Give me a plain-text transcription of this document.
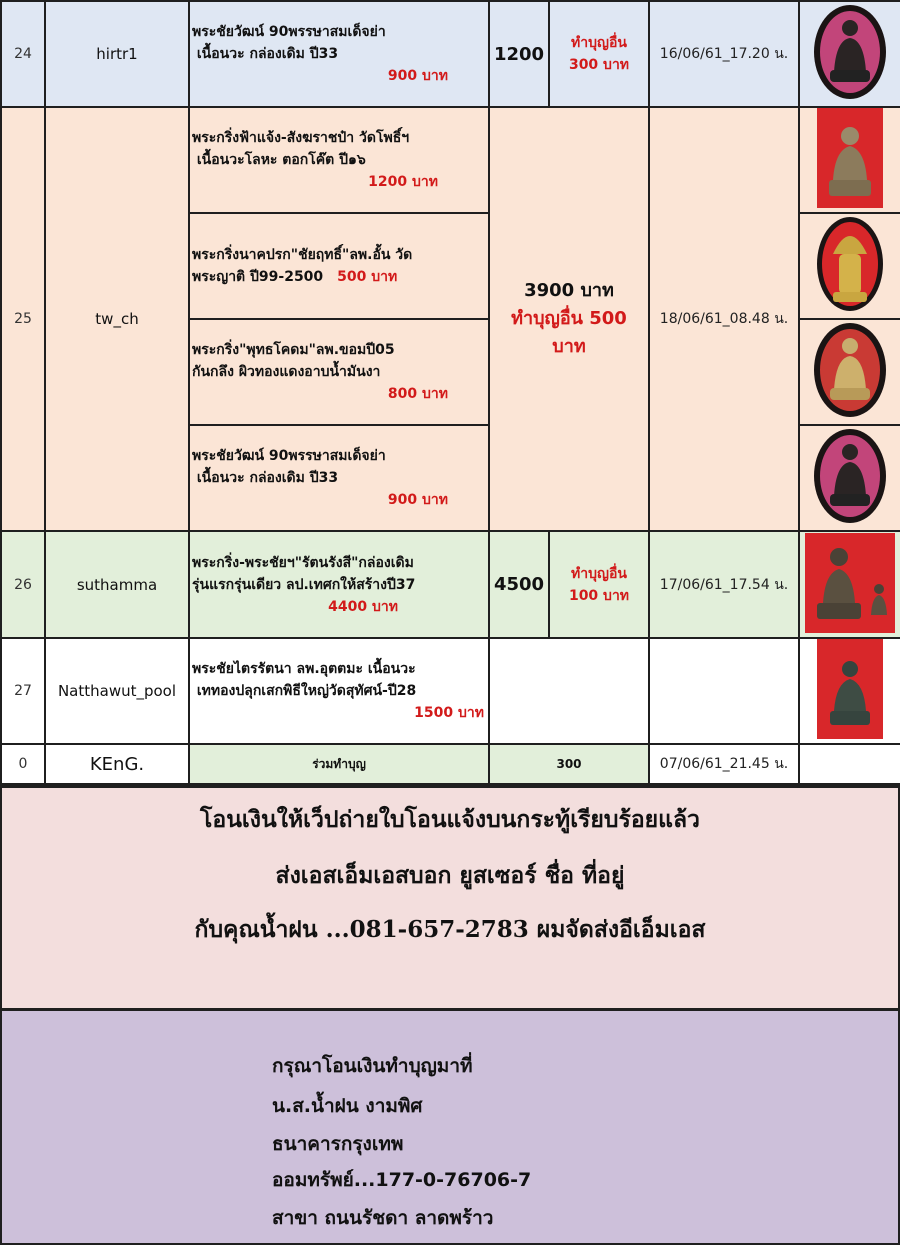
24	hirtr1	พระชัยวัฒน์ 90พรรษาสมเด็จย่า
เนื้อนวะ กล่องเดิม ปี33
900 บาท	1200	ทำบุญอื่น
300 บาท	16/06/61_17.20 น.	
25	tw_ch	พระกริ่งฟ้าแจ้ง-สังฆราชป๋า วัดโพธิ์ฯ
เนื้อนวะโลหะ ตอกโค๊ต ปี๑๖
1200 บาท	3900 บาท
ทำบุญอื่น 500
บาท		18/06/61_08.48 น.	

		พระกริ่งนาคปรก"ชัยฤทธิ์"ลพ.อั้น วัด
พระญาติ ปี99-2500 500 บาท

		พระกริ่ง"พุทธโคดม"ลพ.ขอมปี05
กันกลึง ผิวทองแดงอาบน้ำมันงา
800 บาท

		พระชัยวัฒน์ 90พรรษาสมเด็จย่า
เนื้อนวะ กล่องเดิม ปี33
900 บาท

26	suthamma	พระกริ่ง-พระชัยฯ"รัตนรังสี"กล่องเดิม
รุ่นแรกรุ่นเดียว ลป.เทศกให้สร้างปี37
4400 บาท	4500	ทำบุญอื่น
100 บาท	17/06/61_17.54 น.	
27	Natthawut_pool	พระชัยไตรรัตนา ลพ.อุตตมะ เนื้อนวะ
เททองปลุกเสกพิธีใหญ่วัดสุทัศน์-ปี28
1500 บาท

0	KEnG.	ร่วมทำบุญ	300		07/06/61_21.45 น.	
โอนเงินให้เว็ปถ่ายใบโอนแจ้งบนกระทู้เรียบร้อยแล้ว
ส่งเอสเอ็มเอสบอก ยูสเซอร์ ชื่อ ที่อยู่
กับคุณน้ำฝน ...081-657-2783 ผมจัดส่งอีเอ็มเอส
กรุณาโอนเงินทำบุญมาที่
น.ส.น้ำฝน งามพิศ
ธนาคารกรุงเทพ
ออมทรัพย์...177-0-76706-7
สาขา ถนนรัชดา ลาดพร้าว
